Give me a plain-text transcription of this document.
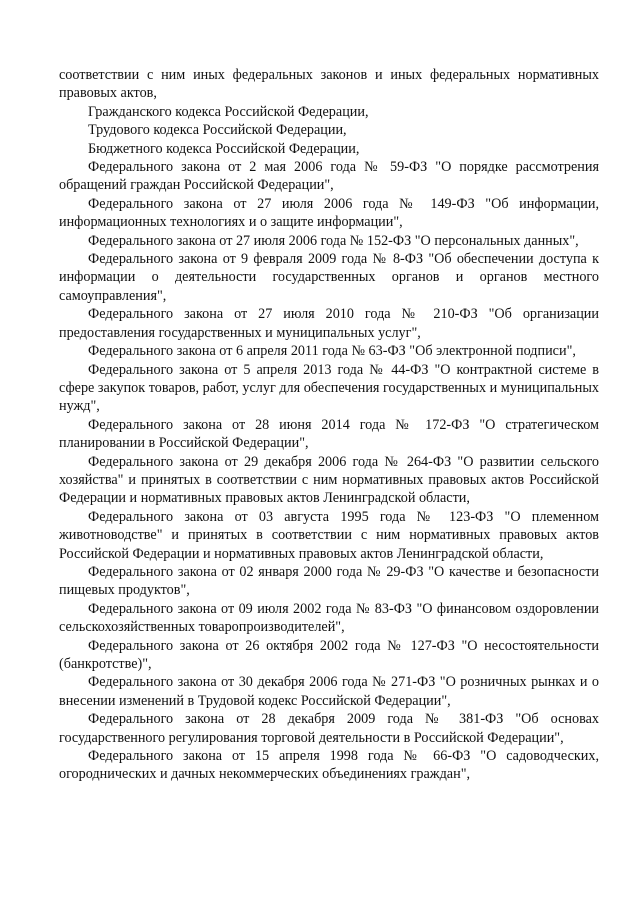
соответствии с ним иных федеральных законов и иных федеральных нормативных правовых актов,

Гражданского кодекса Российской Федерации,

Трудового кодекса Российской Федерации,

Бюджетного кодекса Российской Федерации,

Федерального закона от 2 мая 2006 года № 59-ФЗ "О порядке рассмотрения обращений граждан Российской Федерации",

Федерального закона от 27 июля 2006 года № 149-ФЗ "Об информации, информационных технологиях и о защите информации",

Федерального закона от 27 июля 2006 года № 152-ФЗ "О персональных данных",

Федерального закона от 9 февраля 2009 года № 8-ФЗ "Об обеспечении доступа к информации о деятельности государственных органов и органов местного самоуправления",

Федерального закона от 27 июля 2010 года № 210-ФЗ "Об организации предоставления государственных и муниципальных услуг",

Федерального закона от 6 апреля 2011 года № 63-ФЗ "Об электронной подписи",

Федерального закона от 5 апреля 2013 года № 44-ФЗ "О контрактной системе в сфере закупок товаров, работ, услуг для обеспечения государственных и муниципальных нужд",

Федерального закона от 28 июня 2014 года № 172-ФЗ "О стратегическом планировании в Российской Федерации",

Федерального закона от 29 декабря 2006 года № 264-ФЗ "О развитии сельского хозяйства" и принятых в соответствии с ним нормативных правовых актов Российской Федерации и нормативных правовых актов Ленинградской области,

Федерального закона от 03 августа 1995 года № 123-ФЗ "О племенном животноводстве" и принятых в соответствии с ним нормативных правовых актов Российской Федерации и нормативных правовых актов Ленинградской области,

Федерального закона от 02 января 2000 года № 29-ФЗ "О качестве и безопасности пищевых продуктов",

Федерального закона от 09 июля 2002 года № 83-ФЗ "О финансовом оздоровлении сельскохозяйственных товаропроизводителей",

Федерального закона от 26 октября 2002 года № 127-ФЗ "О несостоятельности (банкротстве)",

Федерального закона от 30 декабря 2006 года № 271-ФЗ "О розничных рынках и о внесении изменений в Трудовой кодекс Российской Федерации",

Федерального закона от 28 декабря 2009 года № 381-ФЗ "Об основах государственного регулирования торговой деятельности в Российской Федерации",

Федерального закона от 15 апреля 1998 года № 66-ФЗ "О садоводческих, огороднических и дачных некоммерческих объединениях граждан",
